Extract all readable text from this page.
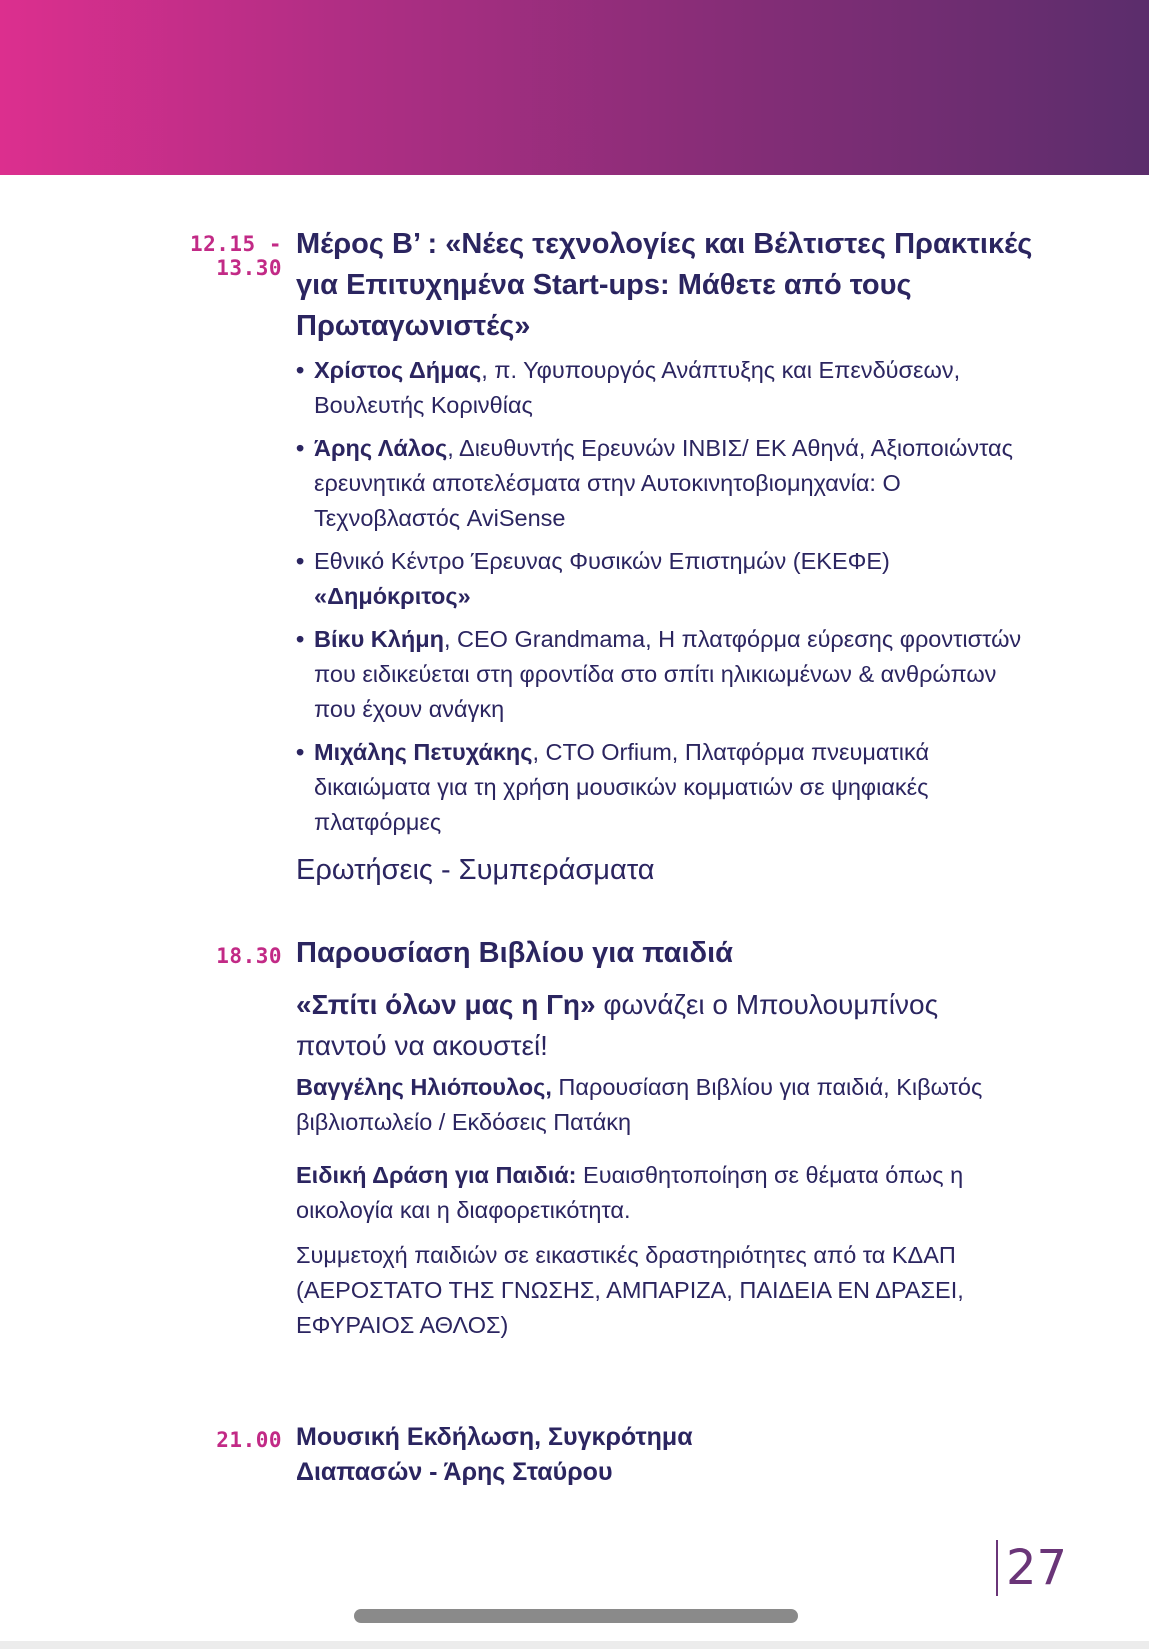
12.15 - 13.30
Μέρος Β’ : «Νέες τεχνολογίες και Βέλτιστες Πρακτικές για Επιτυχημένα Start-ups: Μάθετε από τους Πρωταγωνιστές»
• Χρίστος Δήμας, π. Υφυπουργός Ανάπτυξης και Επενδύσεων, Βουλευτής Κορινθίας
• Άρης Λάλος, Διευθυντής Ερευνών ΙΝΒΙΣ/ ΕΚ Αθηνά, Αξιοποιώντας ερευνητικά αποτελέσματα στην Αυτοκινητοβιομηχανία: Ο Τεχνοβλαστός AviSense
• Εθνικό Κέντρο Έρευνας Φυσικών Επιστημών (ΕΚΕΦΕ) «Δημόκριτος»
• Βίκυ Κλήμη, CEO Grandmama, Η πλατφόρμα εύρεσης φροντιστών που ειδικεύεται στη φροντίδα στο σπίτι ηλικιωμένων & ανθρώπων που έχουν ανάγκη
• Μιχάλης Πετυχάκης, CTO Orfium, Πλατφόρμα πνευματικά δικαιώματα για τη χρήση μουσικών κομματιών σε ψηφιακές πλατφόρμες
Ερωτήσεις - Συμπεράσματα
18.30 Παρουσίαση Βιβλίου για παιδιά
«Σπίτι όλων μας η Γη» φωνάζει ο Μπουλουμπίνος παντού να ακουστεί!
Βαγγέλης Ηλιόπουλος, Παρουσίαση Βιβλίου για παιδιά, Κιβωτός βιβλιοπωλείο / Εκδόσεις Πατάκη
Ειδική Δράση για Παιδιά: Ευαισθητοποίηση σε θέματα όπως η οικολογία και η διαφορετικότητα.
Συμμετοχή παιδιών σε εικαστικές δραστηριότητες από τα ΚΔΑΠ (ΑΕΡΟΣΤΑΤΟ ΤΗΣ ΓΝΩΣΗΣ, ΑΜΠΑΡΙΖΑ, ΠΑΙΔΕΙΑ ΕΝ ΔΡΑΣΕΙ, ΕΦΥΡΑΙΟΣ ΑΘΛΟΣ)
21.00 Μουσική Εκδήλωση, Συγκρότημα Διαπασών - Άρης Σταύρου
27
